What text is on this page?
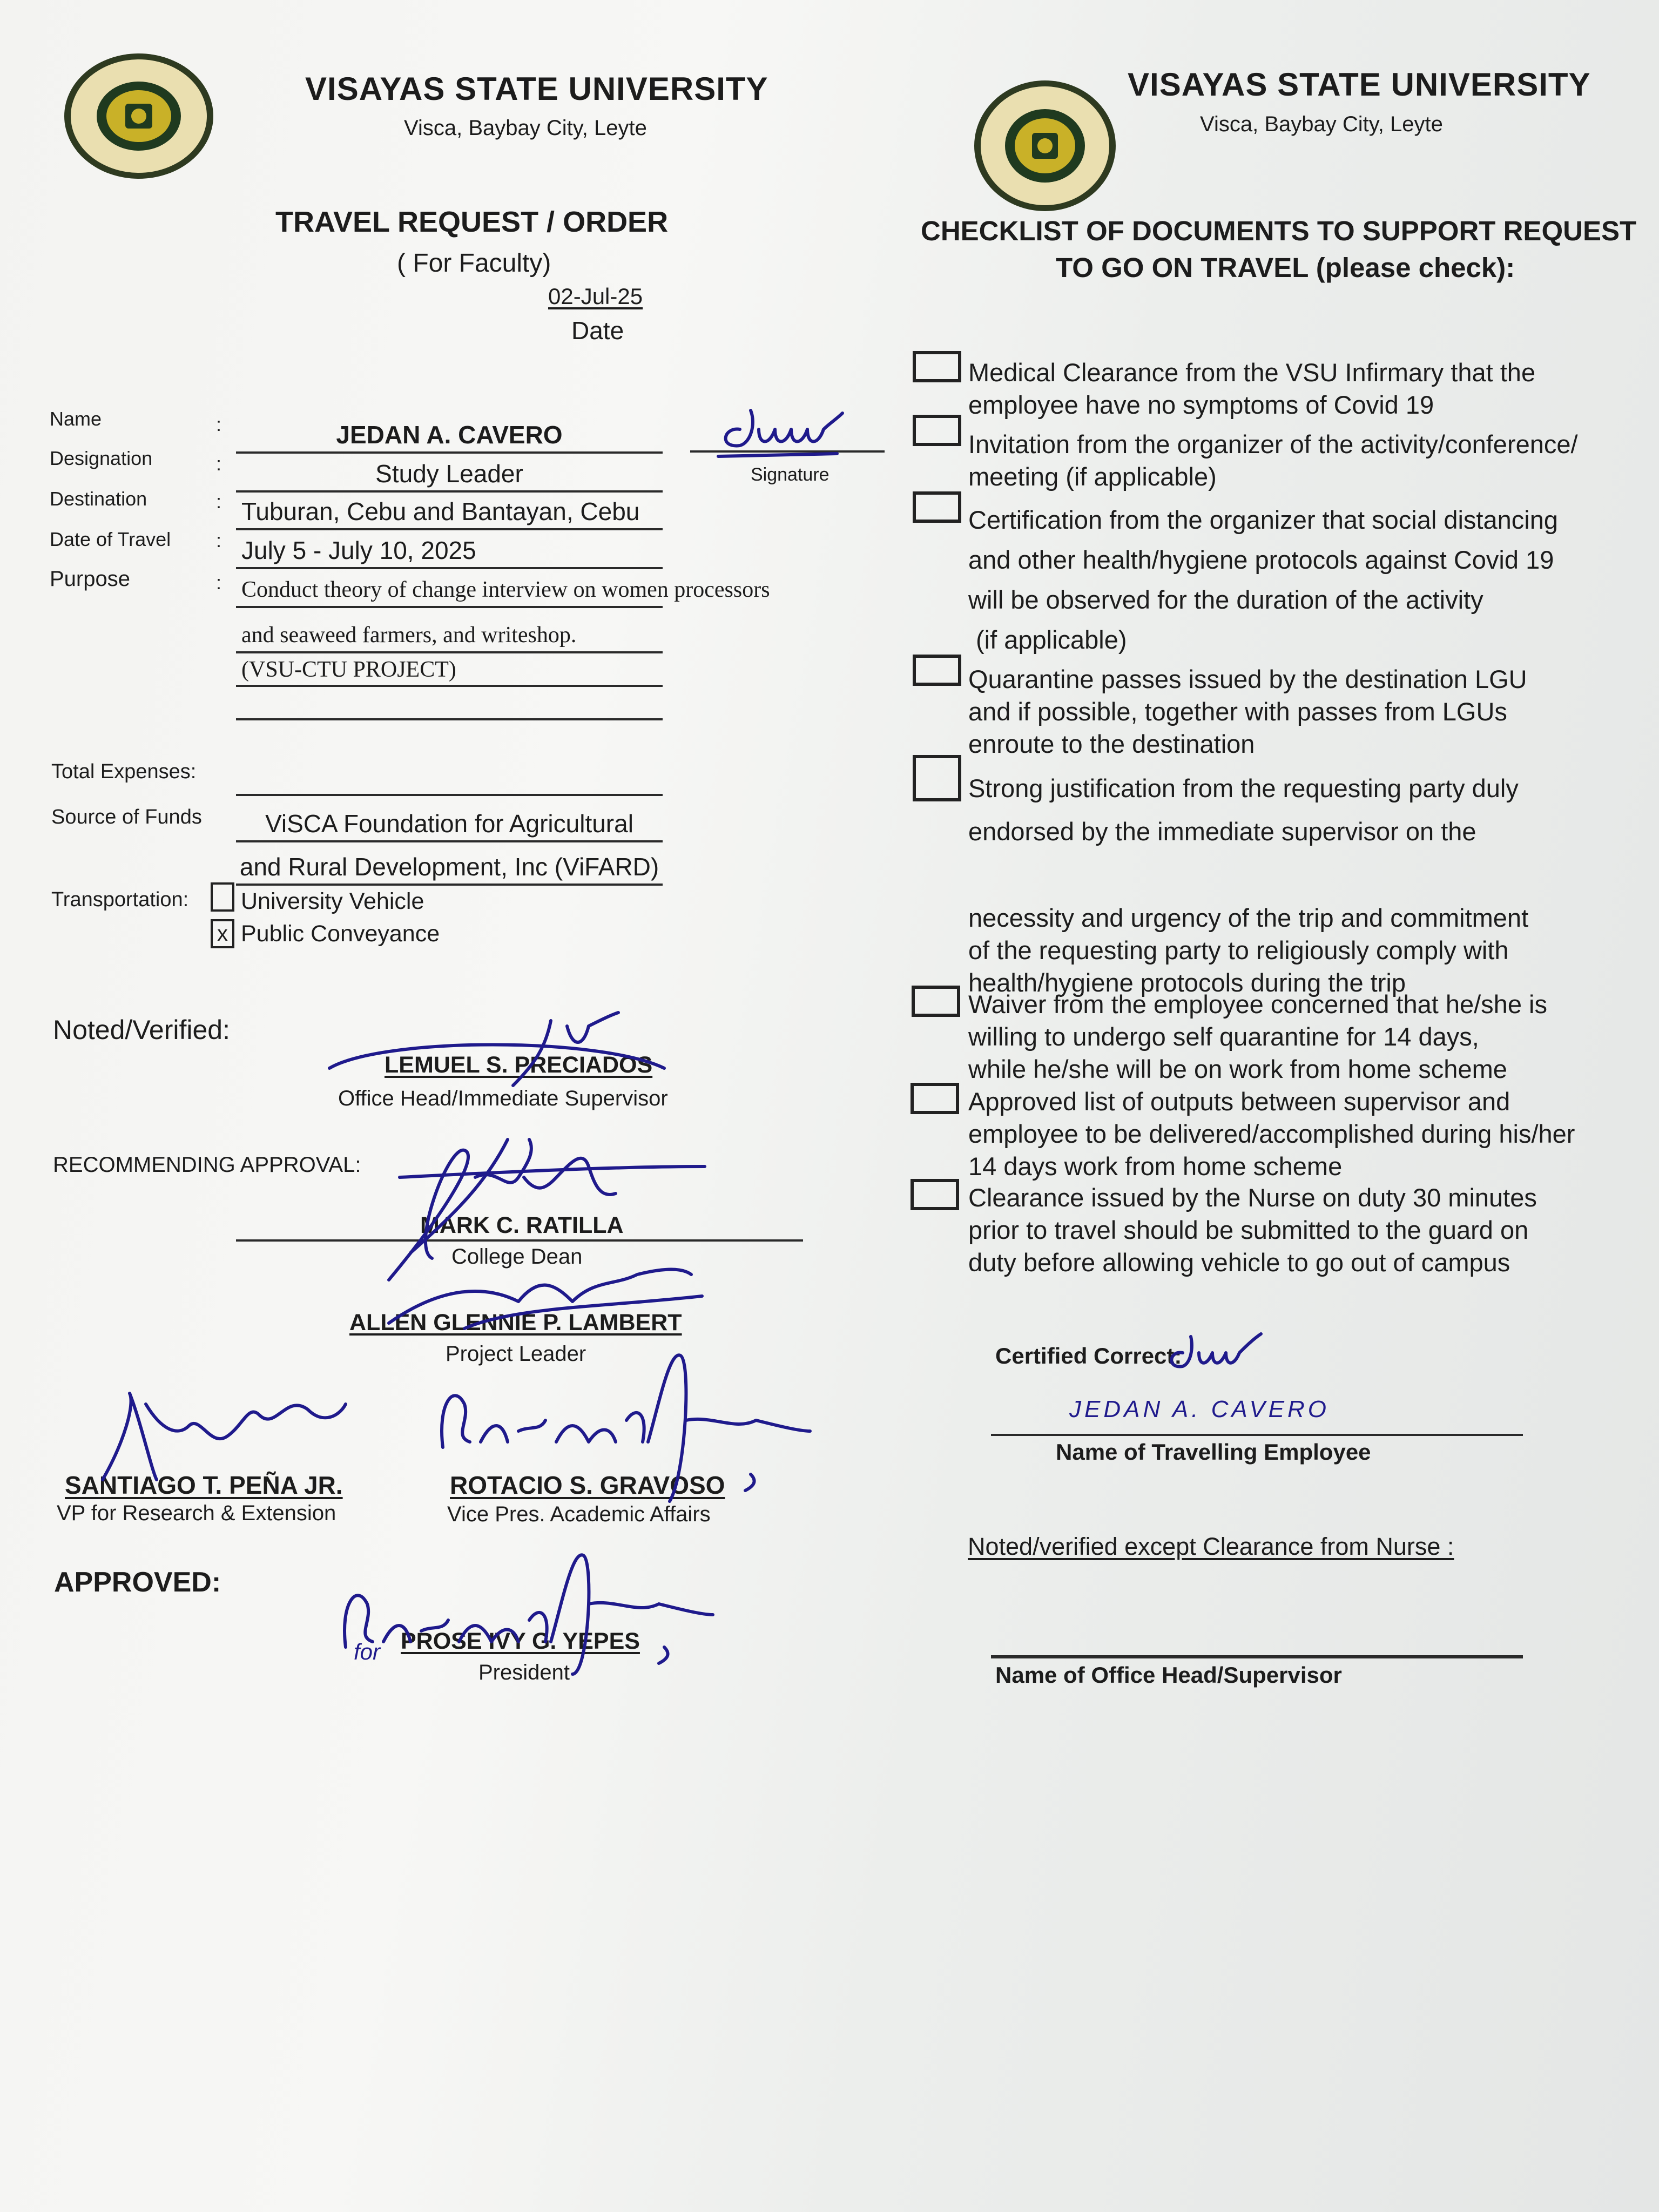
VISAYAS STATE UNIVERSITY
Visca, Baybay City, Leyte
VISAYAS STATE UNIVERSITY
Visca, Baybay City, Leyte
TRAVEL REQUEST / ORDER
( For Faculty)
02-Jul-25
Date
Name	:	JEDAN A. CAVERO
Signature
Designation	:	Study Leader
Destination	: Tuburan, Cebu and Bantayan, Cebu
Date of Travel : July 5 - July 10, 2025
Purpose	: Conduct theory of change interview on women processors
and seaweed farmers, and writeshop.
(VSU-CTU PROJECT)
Total Expenses:
Source of Funds	ViSCA Foundation for Agricultural
and Rural Development, Inc (ViFARD)
Transportation: University Vehicle
x Public Conveyance
Noted/Verified:
LEMUEL S. PRECIADOS
Office Head/Immediate Supervisor
RECOMMENDING APPROVAL:
MARK C. RATILLA
College Dean
ALLEN GLENNIE P. LAMBERT
Project Leader
SANTIAGO T. PEÑA JR.
VP for Research & Extension
ROTACIO S. GRAVOSO
Vice Pres. Academic Affairs
APPROVED:
PROSE IVY G. YEPES
President
for
CHECKLIST OF DOCUMENTS TO SUPPORT REQUEST
TO GO ON TRAVEL (please check):
Medical Clearance from the VSU Infirmary that the
employee have no symptoms of Covid 19
Invitation from the organizer of the activity/conference/
meeting (if applicable)
Certification from the organizer that social distancing
and other health/hygiene protocols against Covid 19
will be observed for the duration of the activity
(if applicable)
Quarantine passes issued by the destination LGU
and if possible, together with passes from LGUs
enroute to the destination
Strong justification from the requesting party duly
endorsed by the immediate supervisor on the
necessity and urgency of the trip and commitment
of the requesting party to religiously comply with
health/hygiene protocols during the trip
Waiver from the employee concerned that he/she is
willing to undergo self quarantine for 14 days,
while he/she will be on work from home scheme
Approved list of outputs between supervisor and
employee to be delivered/accomplished during his/her
14 days work from home scheme
Clearance issued by the Nurse on duty 30 minutes
prior to travel should be submitted to the guard on
duty before allowing vehicle to go out of campus
Certified Correct:
JEDAN A. CAVERO
Name of Travelling Employee
Noted/verified except Clearance from Nurse :
Name of Office Head/Supervisor
